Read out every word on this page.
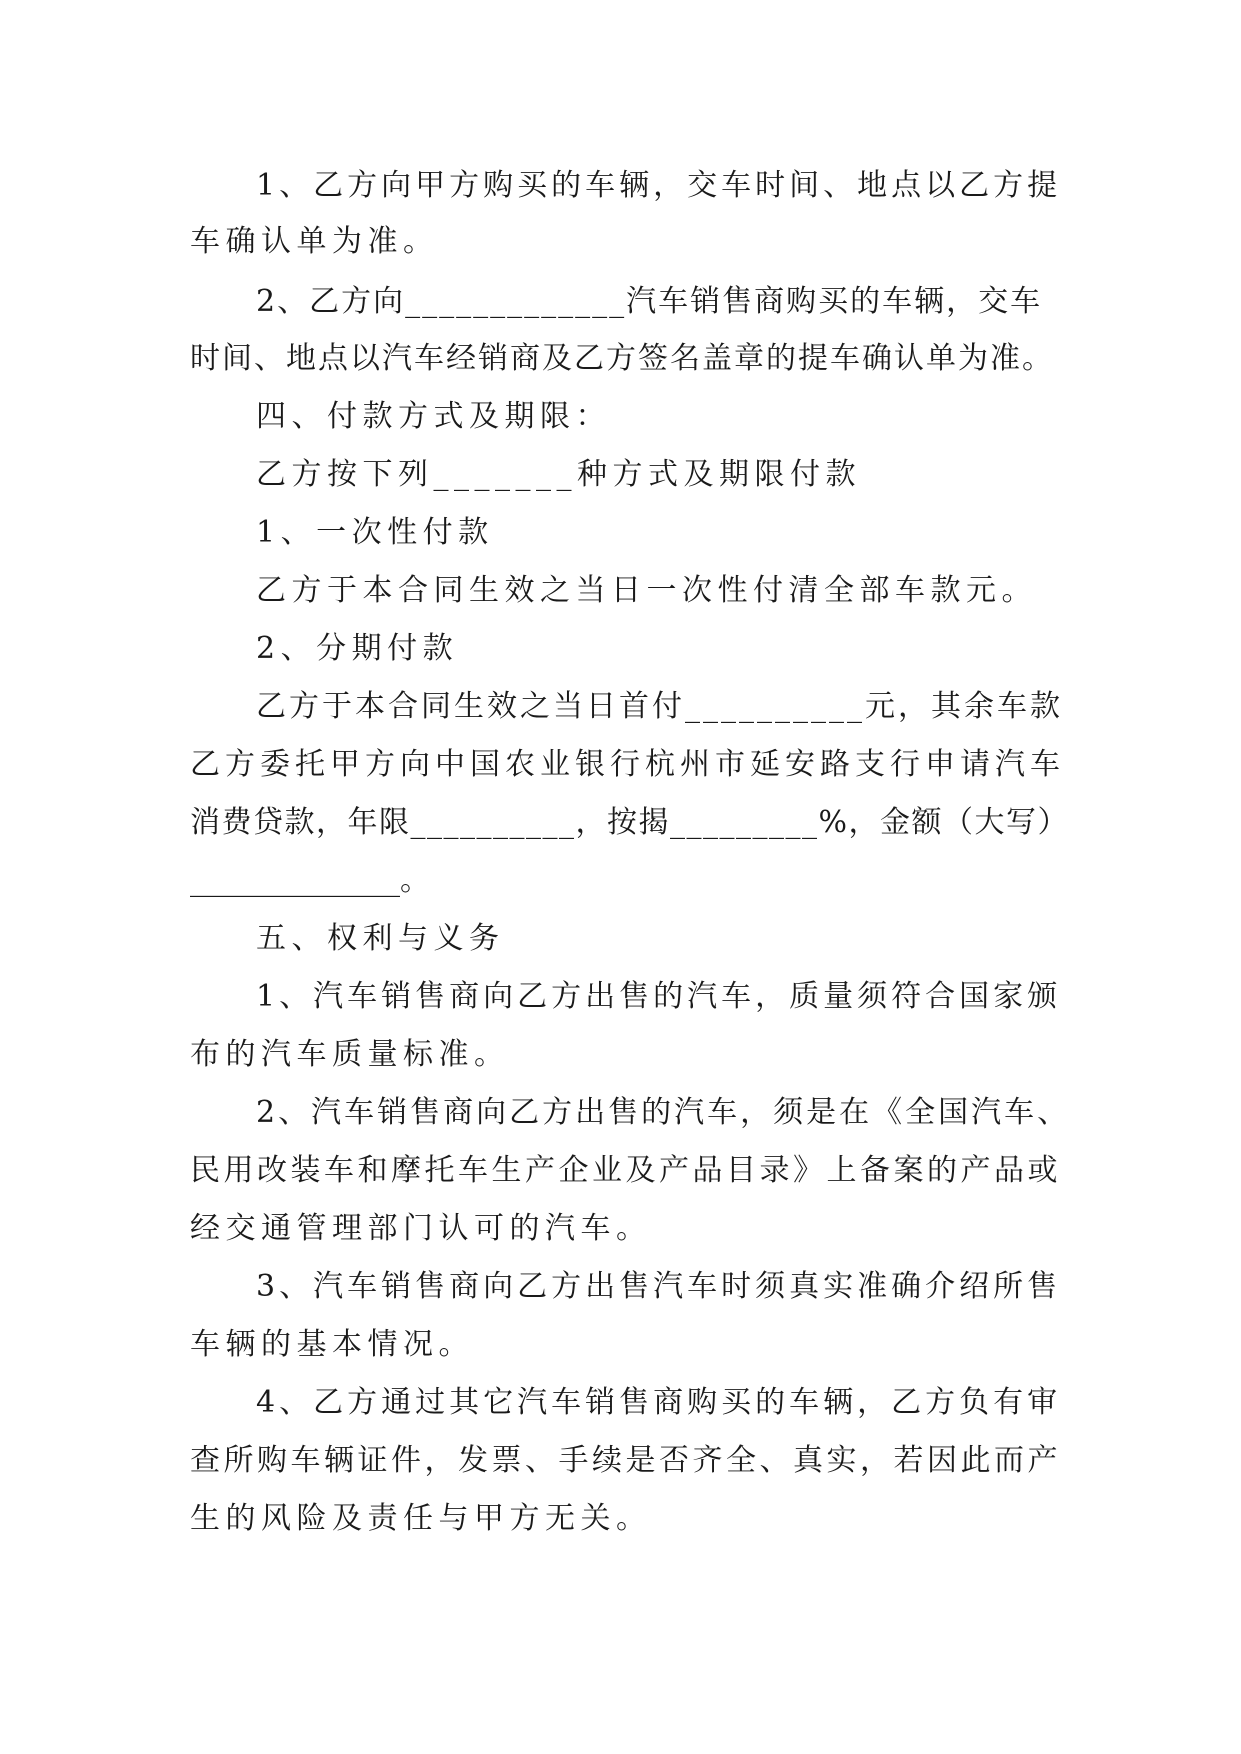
1、乙方向甲方购买的车辆，交车时间、地点以乙方提
车确认单为准。
2、乙方向_____________汽车销售商购买的车辆，交车
时间、地点以汽车经销商及乙方签名盖章的提车确认单为准。
四、付款方式及期限：
乙方按下列_______种方式及期限付款
1、一次性付款
乙方于本合同生效之当日一次性付清全部车款元。
2、分期付款
乙方于本合同生效之当日首付__________元，其余车款
乙方委托甲方向中国农业银行杭州市延安路支行申请汽车
消费贷款，年限__________，按揭_________%，金额（大写）
______________。
五、权利与义务
1、汽车销售商向乙方出售的汽车，质量须符合国家颁
布的汽车质量标准。
2、汽车销售商向乙方出售的汽车，须是在《全国汽车、
民用改装车和摩托车生产企业及产品目录》上备案的产品或
经交通管理部门认可的汽车。
3、汽车销售商向乙方出售汽车时须真实准确介绍所售
车辆的基本情况。
4、乙方通过其它汽车销售商购买的车辆，乙方负有审
查所购车辆证件，发票、手续是否齐全、真实，若因此而产
生的风险及责任与甲方无关。
